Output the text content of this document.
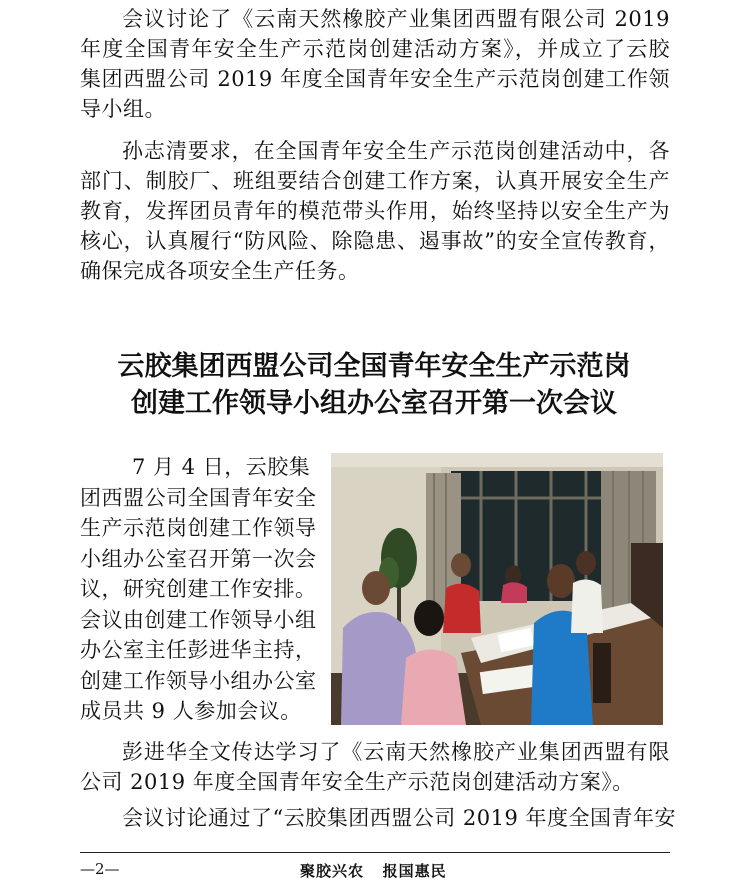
会议讨论了《云南天然橡胶产业集团西盟有限公司 2019 年度全国青年安全生产示范岗创建活动方案》，并成立了云胶集团西盟公司 2019 年度全国青年安全生产示范岗创建工作领导小组。

孙志清要求，在全国青年安全生产示范岗创建活动中，各部门、制胶厂、班组要结合创建工作方案，认真开展安全生产教育，发挥团员青年的模范带头作用，始终坚持以安全生产为核心，认真履行“防风险、除隐患、遏事故”的安全宣传教育，确保完成各项安全生产任务。

云胶集团西盟公司全国青年安全生产示范岗
创建工作领导小组办公室召开第一次会议

7 月 4 日，云胶集团西盟公司全国青年安全生产示范岗创建工作领导小组办公室召开第一次会议，研究创建工作安排。会议由创建工作领导小组办公室主任彭进华主持，创建工作领导小组办公室成员共 9 人参加会议。

彭进华全文传达学习了《云南天然橡胶产业集团西盟有限公司 2019 年度全国青年安全生产示范岗创建活动方案》。

会议讨论通过了“云胶集团西盟公司 2019 年度全国青年安

—2—	聚胶兴农   报国惠民
